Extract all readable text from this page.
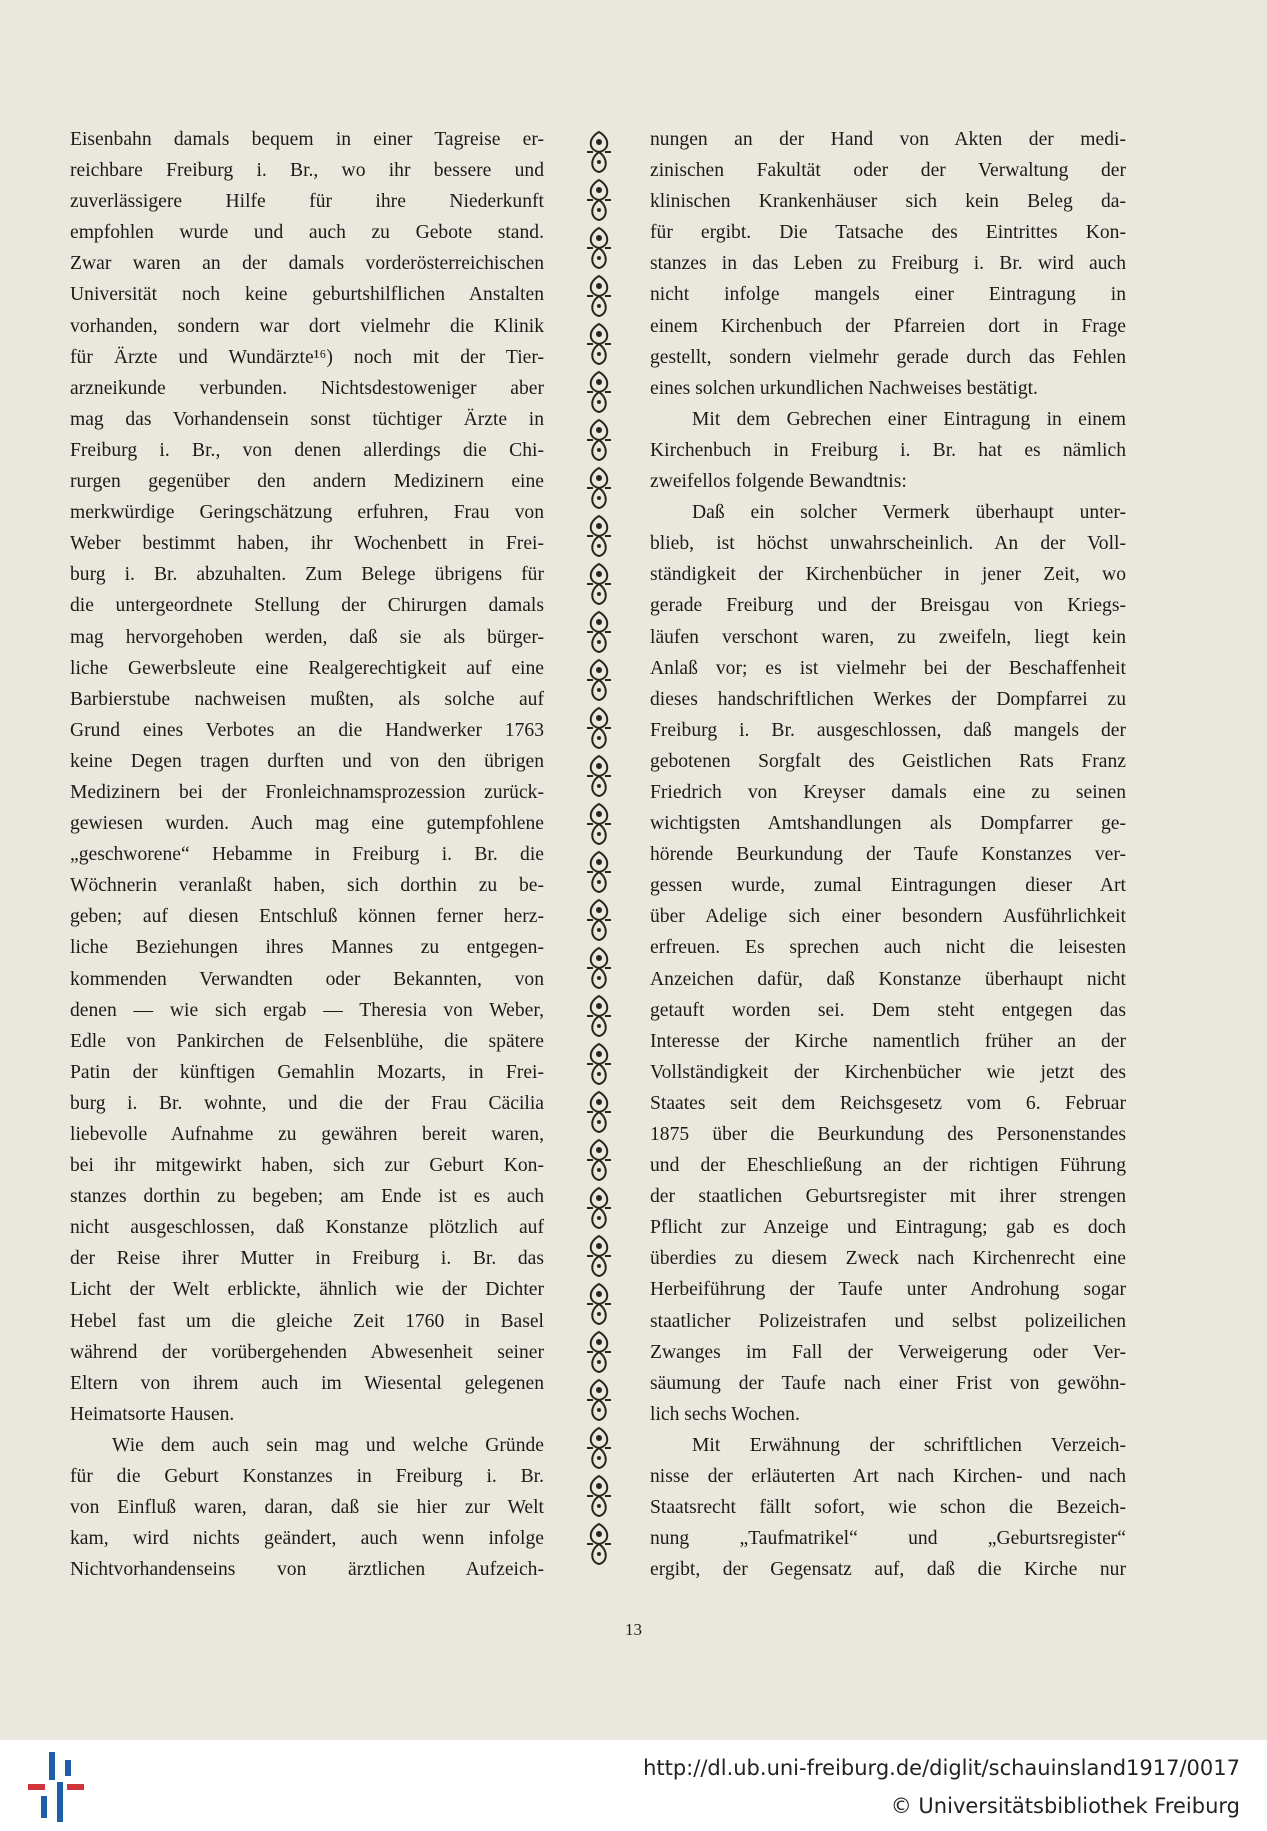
Eisenbahn damals bequem in einer Tagreise er-
reichbare Freiburg i. Br., wo ihr bessere und
zuverlässigere Hilfe für ihre Niederkunft
empfohlen wurde und auch zu Gebote stand.
Zwar waren an der damals vorderösterreichischen
Universität noch keine geburtshilflichen Anstalten
vorhanden, sondern war dort vielmehr die Klinik
für Ärzte und Wundärzte¹⁶) noch mit der Tier-
arzneikunde verbunden. Nichtsdestoweniger aber
mag das Vorhandensein sonst tüchtiger Ärzte in
Freiburg i. Br., von denen allerdings die Chi-
rurgen gegenüber den andern Medizinern eine
merkwürdige Geringschätzung erfuhren, Frau von
Weber bestimmt haben, ihr Wochenbett in Frei-
burg i. Br. abzuhalten. Zum Belege übrigens für
die untergeordnete Stellung der Chirurgen damals
mag hervorgehoben werden, daß sie als bürger-
liche Gewerbsleute eine Realgerechtigkeit auf eine
Barbierstube nachweisen mußten, als solche auf
Grund eines Verbotes an die Handwerker 1763
keine Degen tragen durften und von den übrigen
Medizinern bei der Fronleichnamsprozession zurück-
gewiesen wurden. Auch mag eine gutempfohlene
„geschworene“ Hebamme in Freiburg i. Br. die
Wöchnerin veranlaßt haben, sich dorthin zu be-
geben; auf diesen Entschluß können ferner herz-
liche Beziehungen ihres Mannes zu entgegen-
kommenden Verwandten oder Bekannten, von
denen — wie sich ergab — Theresia von Weber,
Edle von Pankirchen de Felsenblühe, die spätere
Patin der künftigen Gemahlin Mozarts, in Frei-
burg i. Br. wohnte, und die der Frau Cäcilia
liebevolle Aufnahme zu gewähren bereit waren,
bei ihr mitgewirkt haben, sich zur Geburt Kon-
stanzes dorthin zu begeben; am Ende ist es auch
nicht ausgeschlossen, daß Konstanze plötzlich auf
der Reise ihrer Mutter in Freiburg i. Br. das
Licht der Welt erblickte, ähnlich wie der Dichter
Hebel fast um die gleiche Zeit 1760 in Basel
während der vorübergehenden Abwesenheit seiner
Eltern von ihrem auch im Wiesental gelegenen
Heimatsorte Hausen.
Wie dem auch sein mag und welche Gründe
für die Geburt Konstanzes in Freiburg i. Br.
von Einfluß waren, daran, daß sie hier zur Welt
kam, wird nichts geändert, auch wenn infolge
Nichtvorhandenseins von ärztlichen Aufzeich-
nungen an der Hand von Akten der medi-
zinischen Fakultät oder der Verwaltung der
klinischen Krankenhäuser sich kein Beleg da-
für ergibt. Die Tatsache des Eintrittes Kon-
stanzes in das Leben zu Freiburg i. Br. wird auch
nicht infolge mangels einer Eintragung in
einem Kirchenbuch der Pfarreien dort in Frage
gestellt, sondern vielmehr gerade durch das Fehlen
eines solchen urkundlichen Nachweises bestätigt.
Mit dem Gebrechen einer Eintragung in einem
Kirchenbuch in Freiburg i. Br. hat es nämlich
zweifellos folgende Bewandtnis:
Daß ein solcher Vermerk überhaupt unter-
blieb, ist höchst unwahrscheinlich. An der Voll-
ständigkeit der Kirchenbücher in jener Zeit, wo
gerade Freiburg und der Breisgau von Kriegs-
läufen verschont waren, zu zweifeln, liegt kein
Anlaß vor; es ist vielmehr bei der Beschaffenheit
dieses handschriftlichen Werkes der Dompfarrei zu
Freiburg i. Br. ausgeschlossen, daß mangels der
gebotenen Sorgfalt des Geistlichen Rats Franz
Friedrich von Kreyser damals eine zu seinen
wichtigsten Amtshandlungen als Dompfarrer ge-
hörende Beurkundung der Taufe Konstanzes ver-
gessen wurde, zumal Eintragungen dieser Art
über Adelige sich einer besondern Ausführlichkeit
erfreuen. Es sprechen auch nicht die leisesten
Anzeichen dafür, daß Konstanze überhaupt nicht
getauft worden sei. Dem steht entgegen das
Interesse der Kirche namentlich früher an der
Vollständigkeit der Kirchenbücher wie jetzt des
Staates seit dem Reichsgesetz vom 6. Februar
1875 über die Beurkundung des Personenstandes
und der Eheschließung an der richtigen Führung
der staatlichen Geburtsregister mit ihrer strengen
Pflicht zur Anzeige und Eintragung; gab es doch
überdies zu diesem Zweck nach Kirchenrecht eine
Herbeiführung der Taufe unter Androhung sogar
staatlicher Polizeistrafen und selbst polizeilichen
Zwanges im Fall der Verweigerung oder Ver-
säumung der Taufe nach einer Frist von gewöhn-
lich sechs Wochen.
Mit Erwähnung der schriftlichen Verzeich-
nisse der erläuterten Art nach Kirchen- und nach
Staatsrecht fällt sofort, wie schon die Bezeich-
nung „Taufmatrikel“ und „Geburtsregister“
ergibt, der Gegensatz auf, daß die Kirche nur
13
http://dl.ub.uni-freiburg.de/diglit/schauinsland1917/0017
© Universitätsbibliothek Freiburg
